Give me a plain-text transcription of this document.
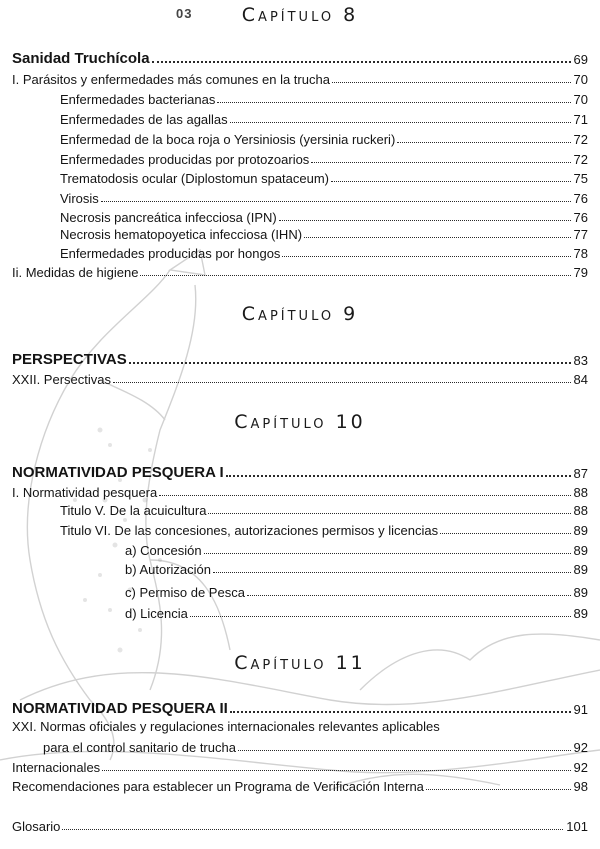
03	Capítulo 8
Capítulo 9
Capítulo 10
Capítulo 11
Sanidad Truchícola	69
I. Parásitos y enfermedades más comunes en la trucha	70
Enfermedades bacterianas	70
Enfermedades de las agallas	71
Enfermedad de la boca roja o Yersiniosis (yersinia ruckeri)	72
Enfermedades producidas por protozoarios	72
Trematodosis ocular (Diplostomun spataceum)	75
Virosis	76
Necrosis pancreática infecciosa (IPN)	76
Necrosis hematopoyetica infecciosa (IHN)	77
Enfermedades producidas por hongos	78
Ii. Medidas de higiene	79
PERSPECTIVAS	83
XXII. Persectivas	84
NORMATIVIDAD PESQUERA I	87
I. Normatividad pesquera	88
Titulo V. De la acuicultura	88
Titulo VI. De las concesiones, autorizaciones permisos y licencias	89
a) Concesión	89
b) Autorización	89
c) Permiso de Pesca	89
d) Licencia	89
NORMATIVIDAD PESQUERA II	91
XXI. Normas oficiales y regulaciones internacionales relevantes aplicables
para el control sanitario de trucha	92
Internacionales	92
Recomendaciones para establecer un Programa de Verificación Interna	98
Glosario	101
